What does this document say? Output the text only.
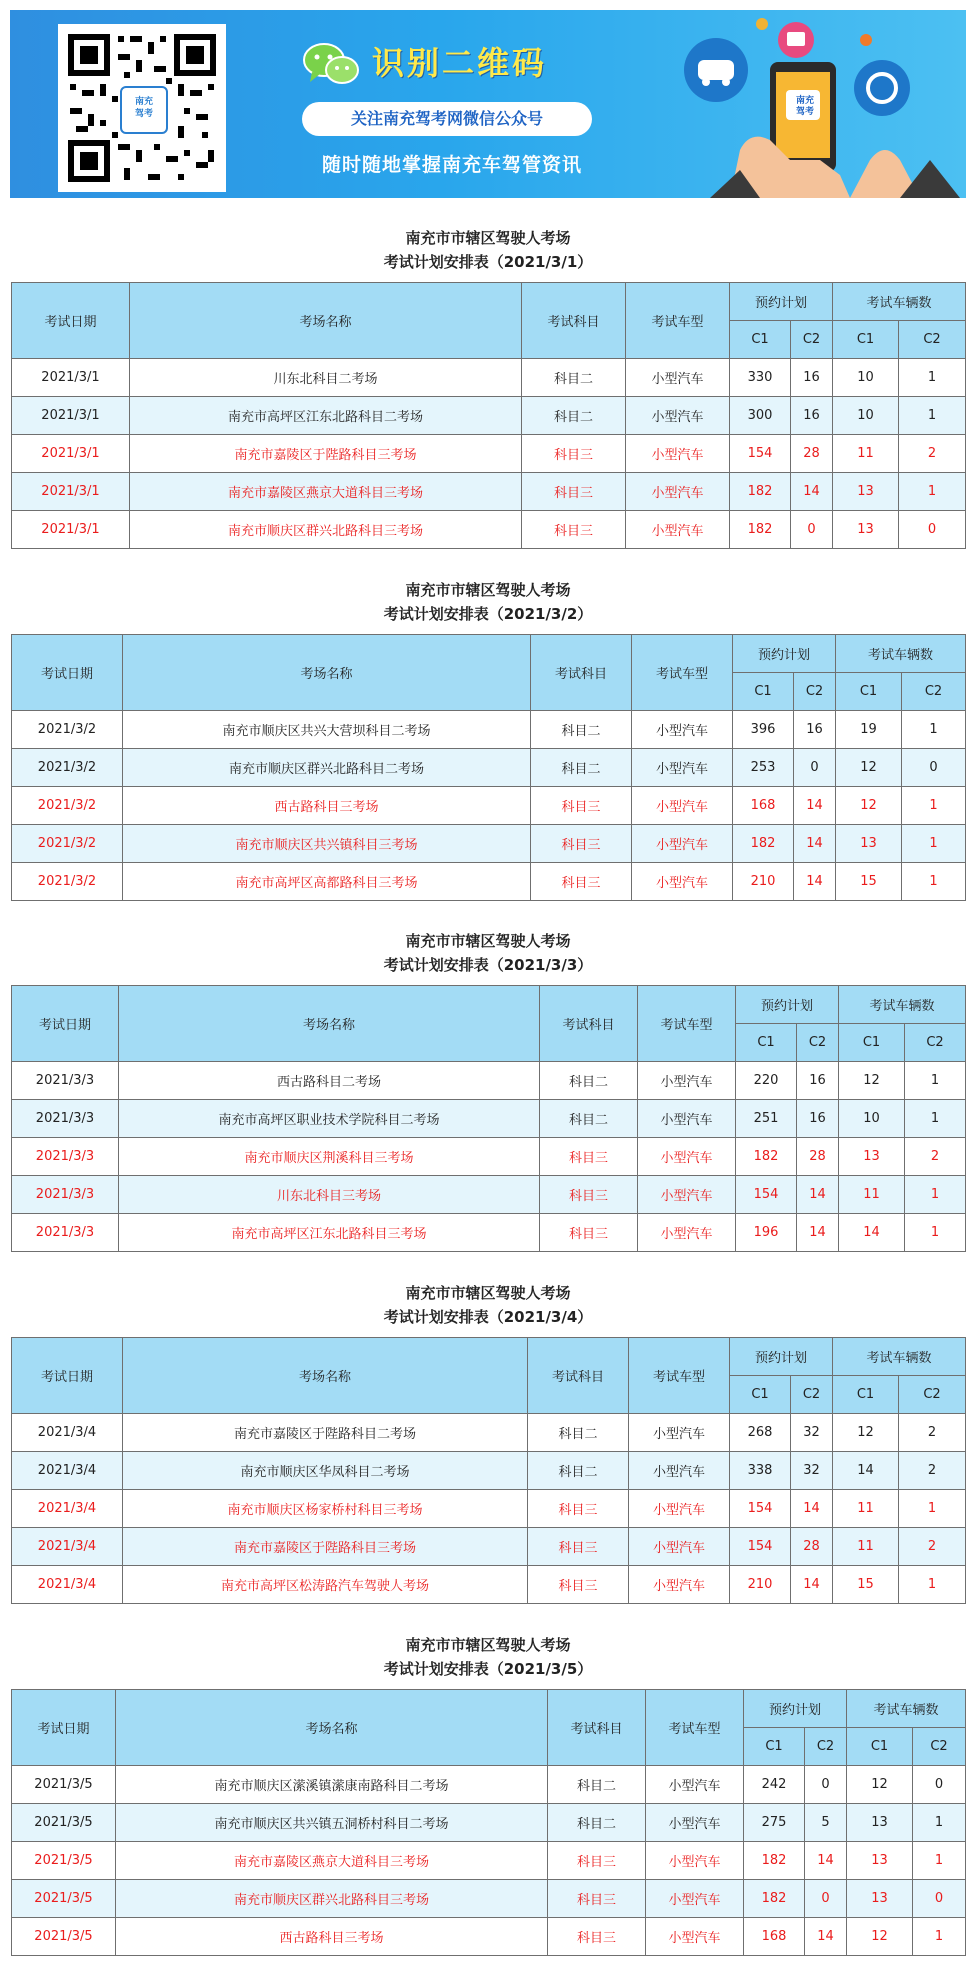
南充
驾考
识别二维码
关注南充驾考网微信公众号
随时随地掌握南充车驾管资讯
南充
驾考
南充市市辖区驾驶人考场
考试计划安排表（2021/3/1）
考试日期	考场名称	考试科目	考试车型	预约计划		考试车辆数	
				C1	C2	C1	C2
2021/3/1	川东北科目二考场	科目二	小型汽车	330	16	10	1
2021/3/1	南充市高坪区江东北路科目二考场	科目二	小型汽车	300	16	10	1
2021/3/1	南充市嘉陵区于陛路科目三考场	科目三	小型汽车	154	28	11	2
2021/3/1	南充市嘉陵区燕京大道科目三考场	科目三	小型汽车	182	14	13	1
2021/3/1	南充市顺庆区群兴北路科目三考场	科目三	小型汽车	182	0	13	0
南充市市辖区驾驶人考场
考试计划安排表（2021/3/2）
考试日期	考场名称	考试科目	考试车型	预约计划		考试车辆数	
				C1	C2	C1	C2
2021/3/2	南充市顺庆区共兴大营坝科目二考场	科目二	小型汽车	396	16	19	1
2021/3/2	南充市顺庆区群兴北路科目二考场	科目二	小型汽车	253	0	12	0
2021/3/2	西古路科目三考场	科目三	小型汽车	168	14	12	1
2021/3/2	南充市顺庆区共兴镇科目三考场	科目三	小型汽车	182	14	13	1
2021/3/2	南充市高坪区高都路科目三考场	科目三	小型汽车	210	14	15	1
南充市市辖区驾驶人考场
考试计划安排表（2021/3/3）
考试日期	考场名称	考试科目	考试车型	预约计划		考试车辆数	
				C1	C2	C1	C2
2021/3/3	西古路科目二考场	科目二	小型汽车	220	16	12	1
2021/3/3	南充市高坪区职业技术学院科目二考场	科目二	小型汽车	251	16	10	1
2021/3/3	南充市顺庆区荆溪科目三考场	科目三	小型汽车	182	28	13	2
2021/3/3	川东北科目三考场	科目三	小型汽车	154	14	11	1
2021/3/3	南充市高坪区江东北路科目三考场	科目三	小型汽车	196	14	14	1
南充市市辖区驾驶人考场
考试计划安排表（2021/3/4）
考试日期	考场名称	考试科目	考试车型	预约计划		考试车辆数	
				C1	C2	C1	C2
2021/3/4	南充市嘉陵区于陛路科目二考场	科目二	小型汽车	268	32	12	2
2021/3/4	南充市顺庆区华凤科目二考场	科目二	小型汽车	338	32	14	2
2021/3/4	南充市顺庆区杨家桥村科目三考场	科目三	小型汽车	154	14	11	1
2021/3/4	南充市嘉陵区于陛路科目三考场	科目三	小型汽车	154	28	11	2
2021/3/4	南充市高坪区松涛路汽车驾驶人考场	科目三	小型汽车	210	14	15	1
南充市市辖区驾驶人考场
考试计划安排表（2021/3/5）
考试日期	考场名称	考试科目	考试车型	预约计划		考试车辆数	
				C1	C2	C1	C2
2021/3/5	南充市顺庆区潆溪镇潆康南路科目二考场	科目二	小型汽车	242	0	12	0
2021/3/5	南充市顺庆区共兴镇五洞桥村科目二考场	科目二	小型汽车	275	5	13	1
2021/3/5	南充市嘉陵区燕京大道科目三考场	科目三	小型汽车	182	14	13	1
2021/3/5	南充市顺庆区群兴北路科目三考场	科目三	小型汽车	182	0	13	0
2021/3/5	西古路科目三考场	科目三	小型汽车	168	14	12	1
